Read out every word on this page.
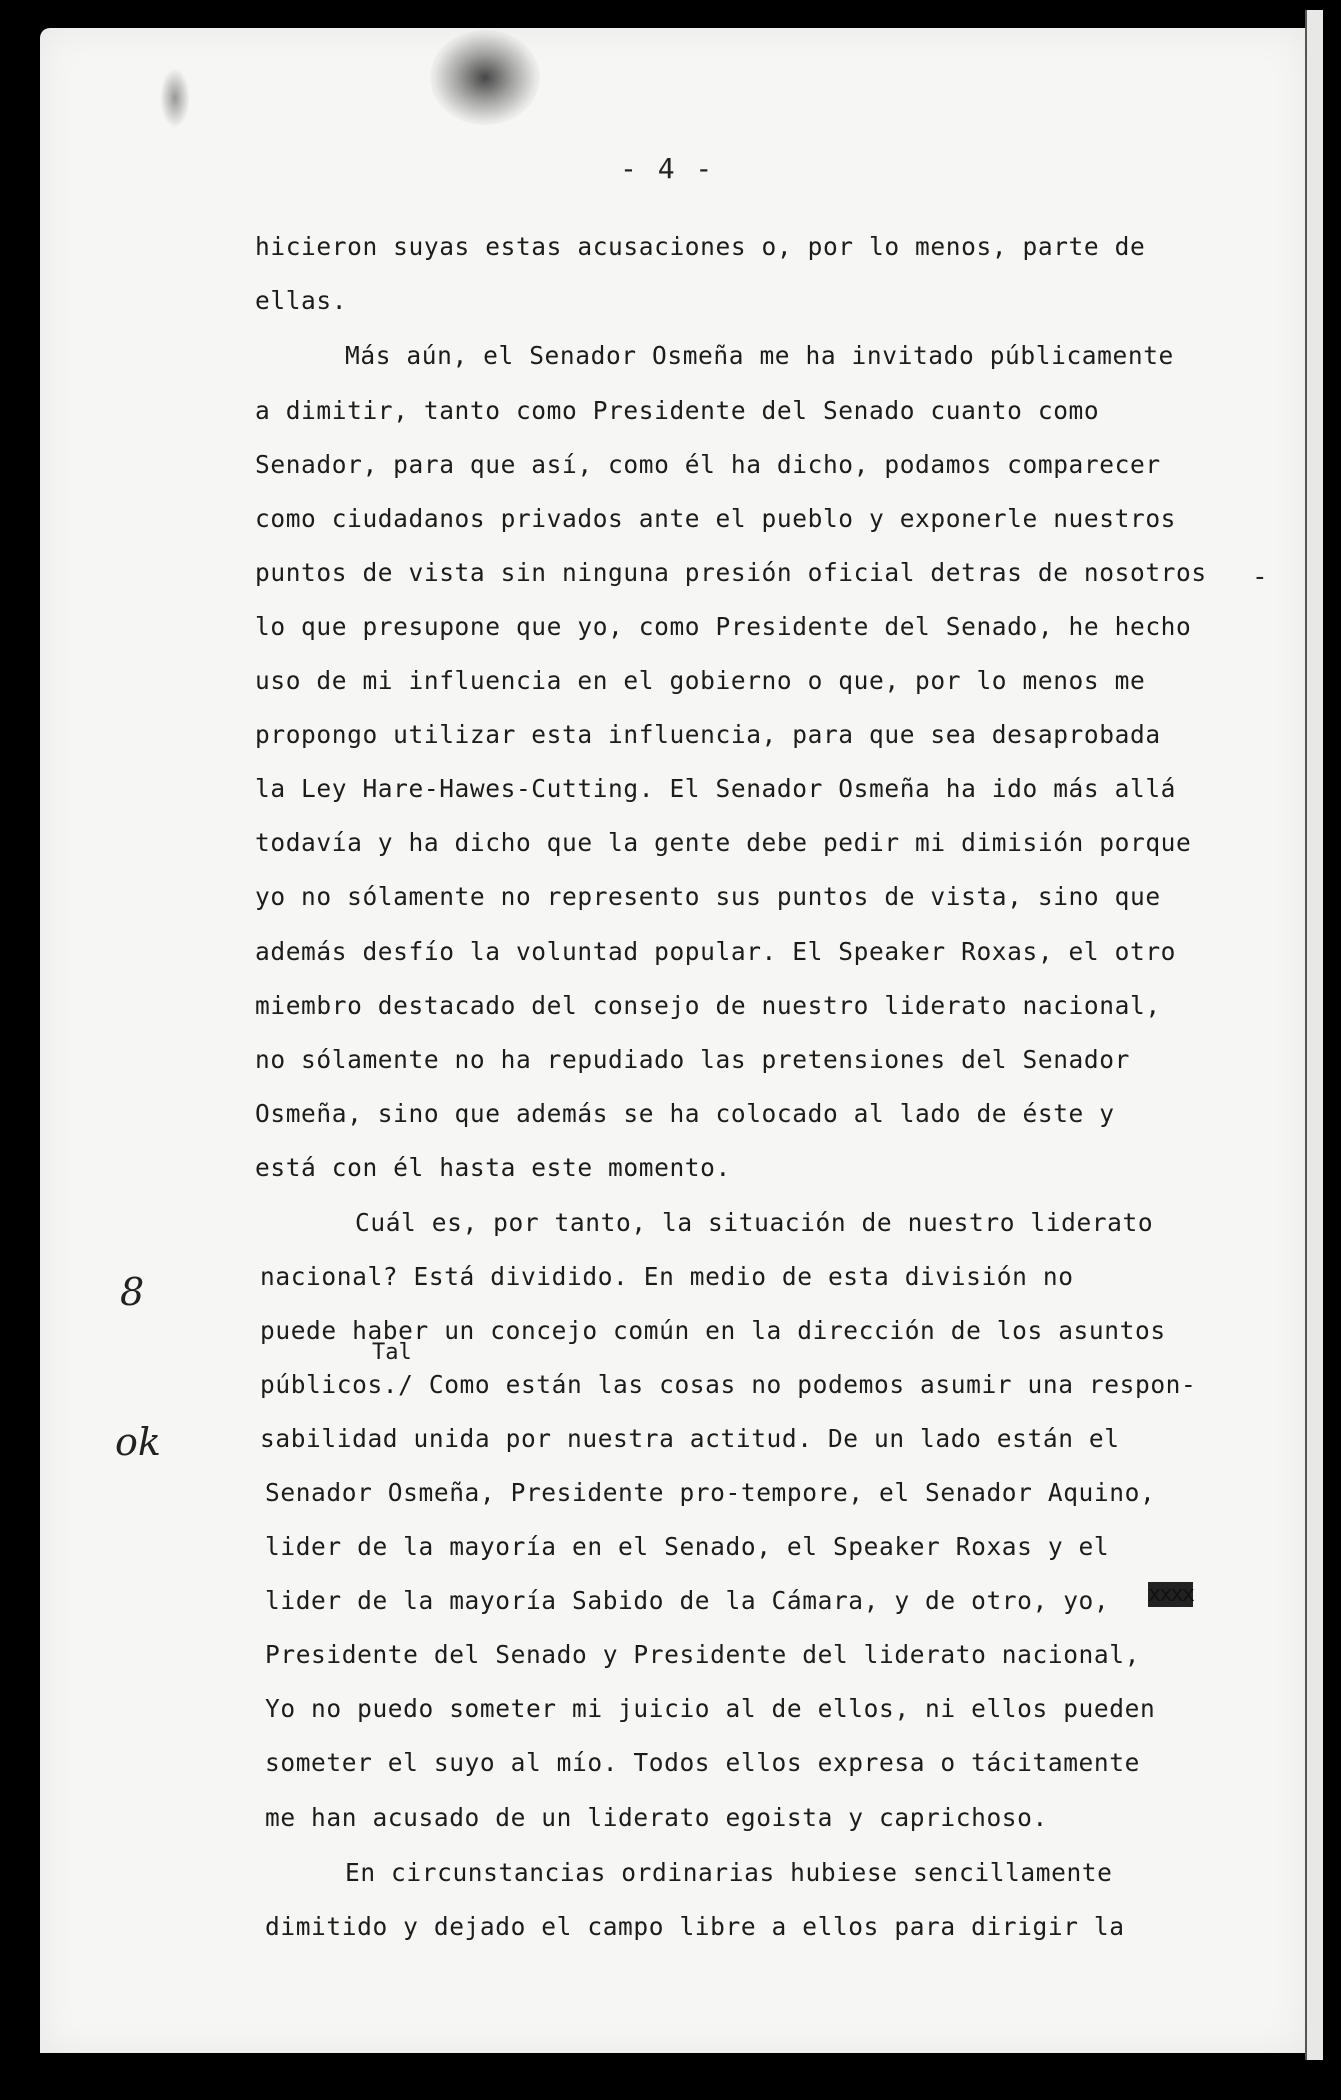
- 4 -
hicieron suyas estas acusaciones o, por lo menos, parte de
ellas.
Más aún, el Senador Osmeña me ha invitado públicamente
a dimitir, tanto como Presidente del Senado cuanto como
Senador, para que así, como él ha dicho, podamos comparecer
como ciudadanos privados ante el pueblo y exponerle nuestros
puntos de vista sin ninguna presión oficial detras de nosotros -
lo que presupone que yo, como Presidente del Senado, he hecho
uso de mi influencia en el gobierno o que, por lo menos me
propongo utilizar esta influencia, para que sea desaprobada
la Ley Hare-Hawes-Cutting. El Senador Osmeña ha ido más allá
todavía y ha dicho que la gente debe pedir mi dimisión porque
yo no sólamente no represento sus puntos de vista, sino que
además desfío la voluntad popular. El Speaker Roxas, el otro
miembro destacado del consejo de nuestro liderato nacional,
no sólamente no ha repudiado las pretensiones del Senador
Osmeña, sino que además se ha colocado al lado de éste y
está con él hasta este momento.
Cuál es, por tanto, la situación de nuestro liderato
nacional? Está dividido. En medio de esta división no
puede haber un concejo común en la dirección de los asuntos
Tal
públicos./ Como están las cosas no podemos asumir una respon-
sabilidad unida por nuestra actitud. De un lado están el
Senador Osmeña, Presidente pro-tempore, el Senador Aquino,
lider de la mayoría en el Senado, el Speaker Roxas y el
lider de la mayoría Sabido de la Cámara, y de otro, yo, xxxx
Presidente del Senado y Presidente del liderato nacional,
Yo no puedo someter mi juicio al de ellos, ni ellos pueden
someter el suyo al mío. Todos ellos expresa o tácitamente
me han acusado de un liderato egoista y caprichoso.
En circunstancias ordinarias hubiese sencillamente
dimitido y dejado el campo libre a ellos para dirigir la
8
ok
